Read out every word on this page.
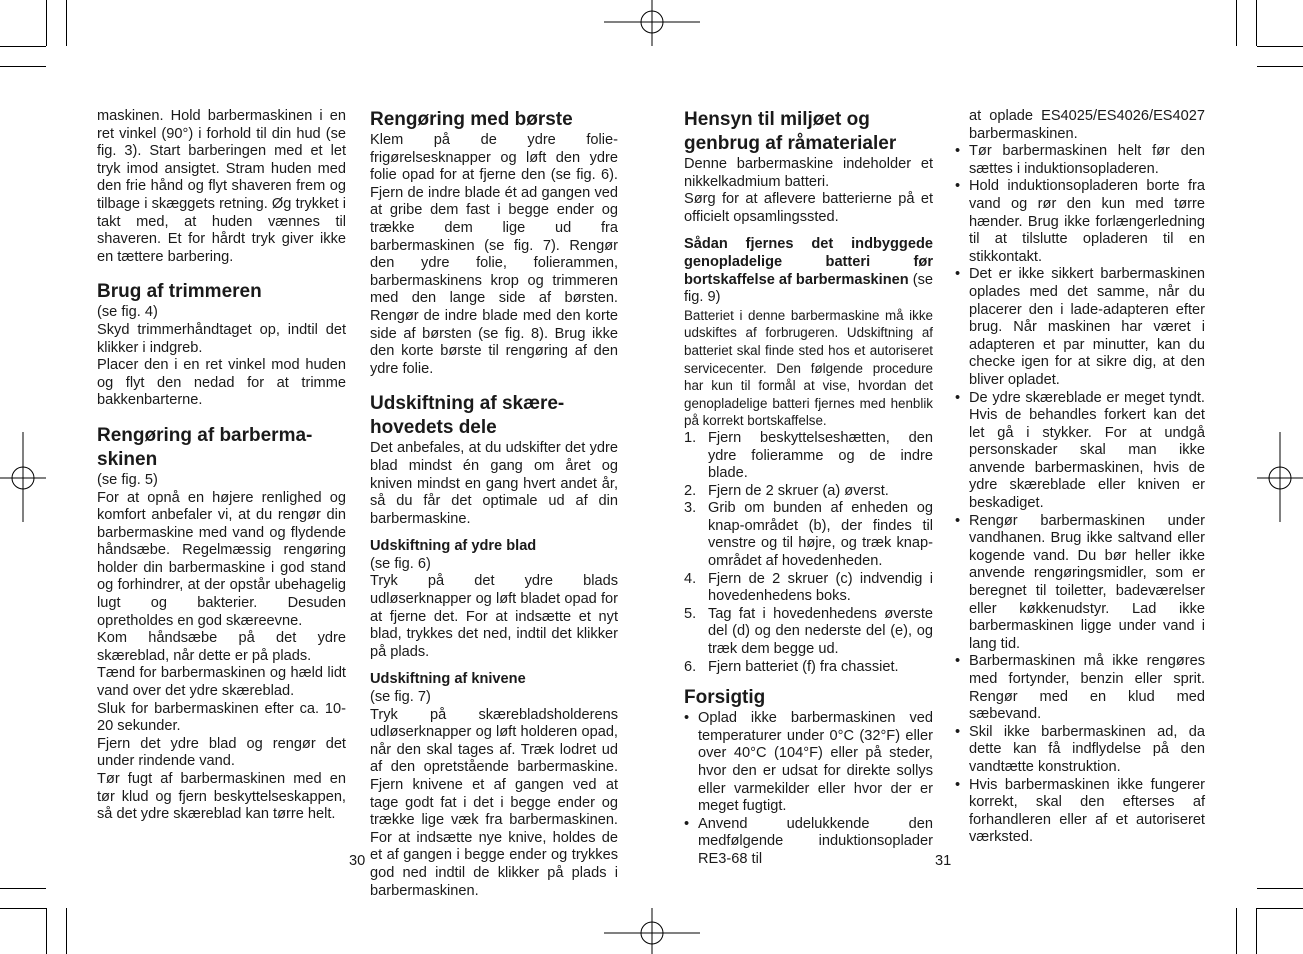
maskinen. Hold barbermaskinen i en ret vinkel (90°) i forhold til din hud (se fig. 3). Start barberingen med et let tryk imod ansigtet. Stram huden med den frie hånd og flyt shaveren frem og tilbage i skæggets retning. Øg trykket i takt med, at huden vænnes til shaveren. Et for hårdt tryk giver ikke en tættere barbering.

Brug af trimmeren

(se fig. 4)

Skyd trimmerhåndtaget op, indtil det klikker i indgreb.

Placer den i en ret vinkel mod huden og flyt den nedad for at trimme bakkenbarterne.

Rengøring af barberma-skinen

(se fig. 5)

For at opnå en højere renlighed og komfort anbefaler vi, at du rengør din barbermaskine med vand og flydende håndsæbe. Regelmæssig rengøring holder din barbermaskine i god stand og forhindrer, at der opstår ubehagelig lugt og bakterier. Desuden opretholdes en god skæreevne.

Kom håndsæbe på det ydre skæreblad, når dette er på plads.

Tænd for barbermaskinen og hæld lidt vand over det ydre skæreblad.

Sluk for barbermaskinen efter ca. 10-20 sekunder.

Fjern det ydre blad og rengør det under rindende vand.

Tør fugt af barbermaskinen med en tør klud og fjern beskyttelseskappen, så det ydre skæreblad kan tørre helt.

Rengøring med børste

Klem på de ydre folie-frigørelsesknapper og løft den ydre folie opad for at fjerne den (se fig. 6). Fjern de indre blade ét ad gangen ved at gribe dem fast i begge ender og trække dem lige ud fra barbermaskinen (se fig. 7). Rengør den ydre folie, folierammen, barbermaskinens krop og trimmeren med den lange side af børsten. Rengør de indre blade med den korte side af børsten (se fig. 8). Brug ikke den korte børste til rengøring af den ydre folie.

Udskiftning af skære-hovedets dele

Det anbefales, at du udskifter det ydre blad mindst én gang om året og kniven mindst en gang hvert andet år, så du får det optimale ud af din barbermaskine.

Udskiftning af ydre blad

(se fig. 6)

Tryk på det ydre blads udløserknapper og løft bladet opad for at fjerne det. For at indsætte et nyt blad, trykkes det ned, indtil det klikker på plads.

Udskiftning af knivene

(se fig. 7)

Tryk på skærebladsholderens udløserknapper og løft holderen opad, når den skal tages af. Træk lodret ud af den opretstående barbermaskine. Fjern knivene et af gangen ved at tage godt fat i det i begge ender og trække lige væk fra barbermaskinen. For at indsætte nye knive, holdes de et af gangen i begge ender og trykkes god ned indtil de klikker på plads i barbermaskinen.

Hensyn til miljøet og genbrug af råmaterialer

Denne barbermaskine indeholder et nikkelkadmium batteri.

Sørg for at aflevere batterierne på et officielt opsamlingssted.

Sådan fjernes det indbyggede genopladelige batteri før bortskaffelse af barbermaskinen (se fig. 9)

Batteriet i denne barbermaskine må ikke udskiftes af forbrugeren. Udskiftning af batteriet skal finde sted hos et autoriseret servicecenter. Den følgende procedure har kun til formål at vise, hvordan det genopladelige batteri fjernes med henblik på korrekt bortskaffelse.

1. Fjern beskyttelseshætten, den ydre folieramme og de indre blade.
2. Fjern de 2 skruer (a) øverst.
3. Grib om bunden af enheden og knap-området (b), der findes til venstre og til højre, og træk knap-området af hovedenheden.
4. Fjern de 2 skruer (c) indvendig i hovedenhedens boks.
5. Tag fat i hovedenhedens øverste del (d) og den nederste del (e), og træk dem begge ud.
6. Fjern batteriet (f) fra chassiet.
Forsigtig
• Oplad ikke barbermaskinen ved temperaturer under 0°C (32°F) eller over 40°C (104°F) eller på steder, hvor den er udsat for direkte sollys eller varmekilder eller hvor der er meget fugtigt.
• Anvend udelukkende den medfølgende induktionsoplader RE3-68 til
at oplade ES4025/ES4026/ES4027 barbermaskinen.
• Tør barbermaskinen helt før den sættes i induktionsopladeren.
• Hold induktionsopladeren borte fra vand og rør den kun med tørre hænder. Brug ikke forlængerledning til at tilslutte opladeren til en stikkontakt.
• Det er ikke sikkert barbermaskinen oplades med det samme, når du placerer den i lade-adapteren efter brug. Når maskinen har været i adapteren et par minutter, kan du checke igen for at sikre dig, at den bliver opladet.
• De ydre skæreblade er meget tyndt. Hvis de behandles forkert kan det let gå i stykker. For at undgå personskader skal man ikke anvende barbermaskinen, hvis de ydre skæreblade eller kniven er beskadiget.
• Rengør barbermaskinen under vandhanen. Brug ikke saltvand eller kogende vand. Du bør heller ikke anvende rengøringsmidler, som er beregnet til toiletter, badeværelser eller køkkenudstyr. Lad ikke barbermaskinen ligge under vand i lang tid.
• Barbermaskinen må ikke rengøres med fortynder, benzin eller sprit. Rengør med en klud med sæbevand.
• Skil ikke barbermaskinen ad, da dette kan få indflydelse på den vandtætte konstruktion.
• Hvis barbermaskinen ikke fungerer korrekt, skal den efterses af forhandleren eller af et autoriseret værksted.
30	31
